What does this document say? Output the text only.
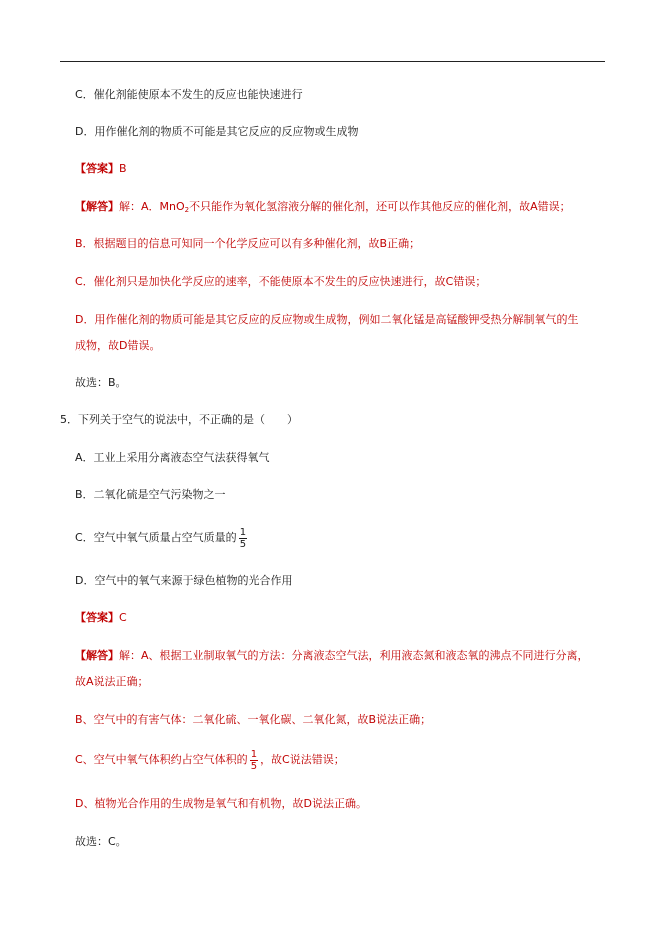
C．催化剂能使原本不发生的反应也能快速进行
D．用作催化剂的物质不可能是其它反应的反应物或生成物
【答案】B
【解答】解：A．MnO$_2$不只能作为氧化氢溶液分解的催化剂，还可以作其他反应的催化剂，故A错误；
B．根据题目的信息可知同一个化学反应可以有多种催化剂，故B正确；
C．催化剂只是加快化学反应的速率，不能使原本不发生的反应快速进行，故C错误；
D．用作催化剂的物质可能是其它反应的反应物或生成物，例如二氧化锰是高锰酸钾受热分解制氧气的生
成物，故D错误。
故选：B。
5．下列关于空气的说法中，不正确的是（　　）
A．工业上采用分离液态空气法获得氧气
B．二氧化硫是空气污染物之一
C．空气中氧气质量占空气质量的 $\frac{1}{5}$
D．空气中的氧气来源于绿色植物的光合作用
【答案】C
【解答】解：A、根据工业制取氧气的方法：分离液态空气法，利用液态氮和液态氧的沸点不同进行分离，
故A说法正确；
B、空气中的有害气体：二氧化硫、一氧化碳、二氧化氮，故B说法正确；
C、空气中氧气体积约占空气体积的 $\frac{1}{5}$ ，故C说法错误；
D、植物光合作用的生成物是氧气和有机物，故D说法正确。
故选：C。
